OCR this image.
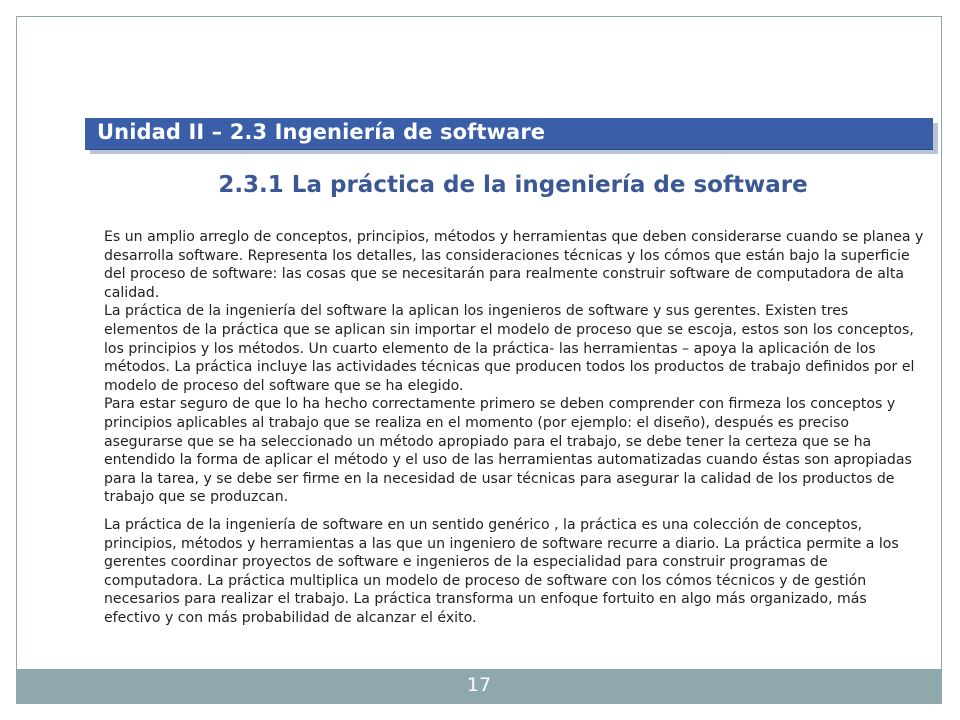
Unidad II – 2.3 Ingeniería de software
2.3.1 La práctica de la ingeniería de software

Es un amplio arreglo de conceptos, principios, métodos y herramientas que deben considerarse cuando se planea y desarrolla software. Representa los detalles, las consideraciones técnicas y los cómos que están bajo la superficie del proceso de software: las cosas que se necesitarán para realmente construir software de computadora de alta calidad.

La práctica de la ingeniería del software la aplican los ingenieros de software y sus gerentes. Existen tres elementos de la práctica que se aplican sin importar el modelo de proceso que se escoja, estos son los conceptos, los principios y los métodos. Un cuarto elemento de la práctica- las herramientas – apoya la aplicación de los métodos. La práctica incluye las actividades técnicas que producen todos los productos de trabajo definidos por el modelo de proceso del software que se ha elegido.

Para estar seguro de que lo ha hecho correctamente primero se deben comprender con firmeza los conceptos y principios aplicables al trabajo que se realiza en el momento (por ejemplo: el diseño), después es preciso asegurarse que se ha seleccionado un método apropiado para el trabajo, se debe tener la certeza que se ha entendido la forma de aplicar el método y el uso de las herramientas automatizadas cuando éstas son apropiadas para la tarea, y se debe ser firme en la necesidad de usar técnicas para asegurar la calidad de los productos de trabajo que se produzcan.

La práctica de la ingeniería de software en un sentido genérico , la práctica es una colección de conceptos, principios, métodos y herramientas a las que un ingeniero de software recurre a diario. La práctica permite a los gerentes coordinar proyectos de software e ingenieros de la especialidad para construir programas de computadora. La práctica multiplica un modelo de proceso de software con los cómos técnicos y de gestión necesarios para realizar el trabajo. La práctica transforma un enfoque fortuito en algo más organizado, más efectivo y con más probabilidad de alcanzar el éxito.

17
